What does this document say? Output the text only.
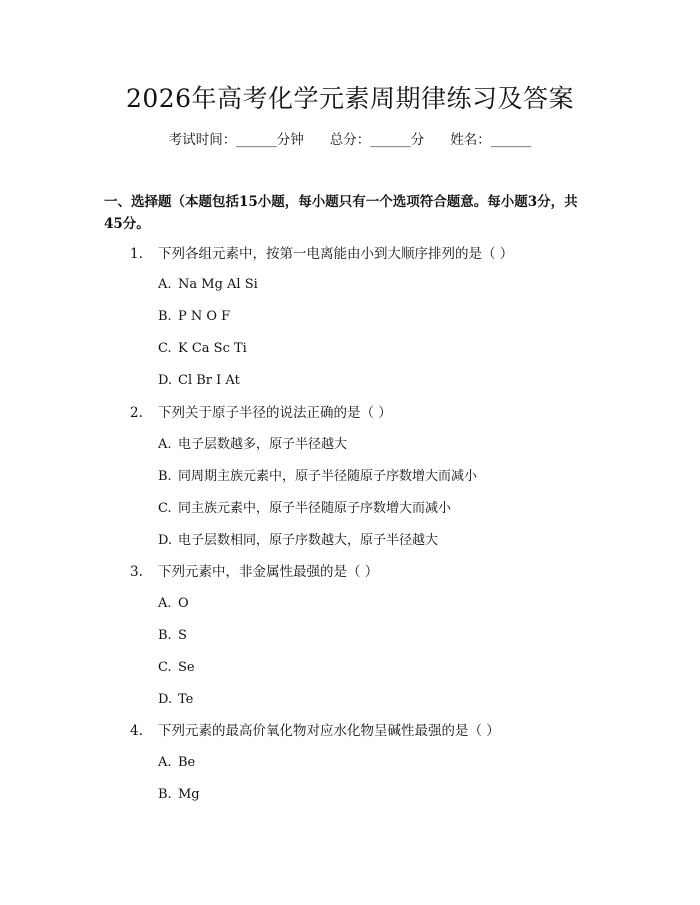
2026年高考化学元素周期律练习及答案
考试时间：______分钟 总分：______分 姓名：______
一、选择题（本题包括15小题，每小题只有一个选项符合题意。每小题3分，共
45分。
1. 下列各组元素中，按第一电离能由小到大顺序排列的是（ ）
A. Na Mg Al Si
B. P N O F
C. K Ca Sc Ti
D. Cl Br I At
2. 下列关于原子半径的说法正确的是（ ）
A. 电子层数越多，原子半径越大
B. 同周期主族元素中，原子半径随原子序数增大而减小
C. 同主族元素中，原子半径随原子序数增大而减小
D. 电子层数相同，原子序数越大，原子半径越大
3. 下列元素中，非金属性最强的是（ ）
A. O
B. S
C. Se
D. Te
4. 下列元素的最高价氧化物对应水化物呈碱性最强的是（ ）
A. Be
B. Mg
